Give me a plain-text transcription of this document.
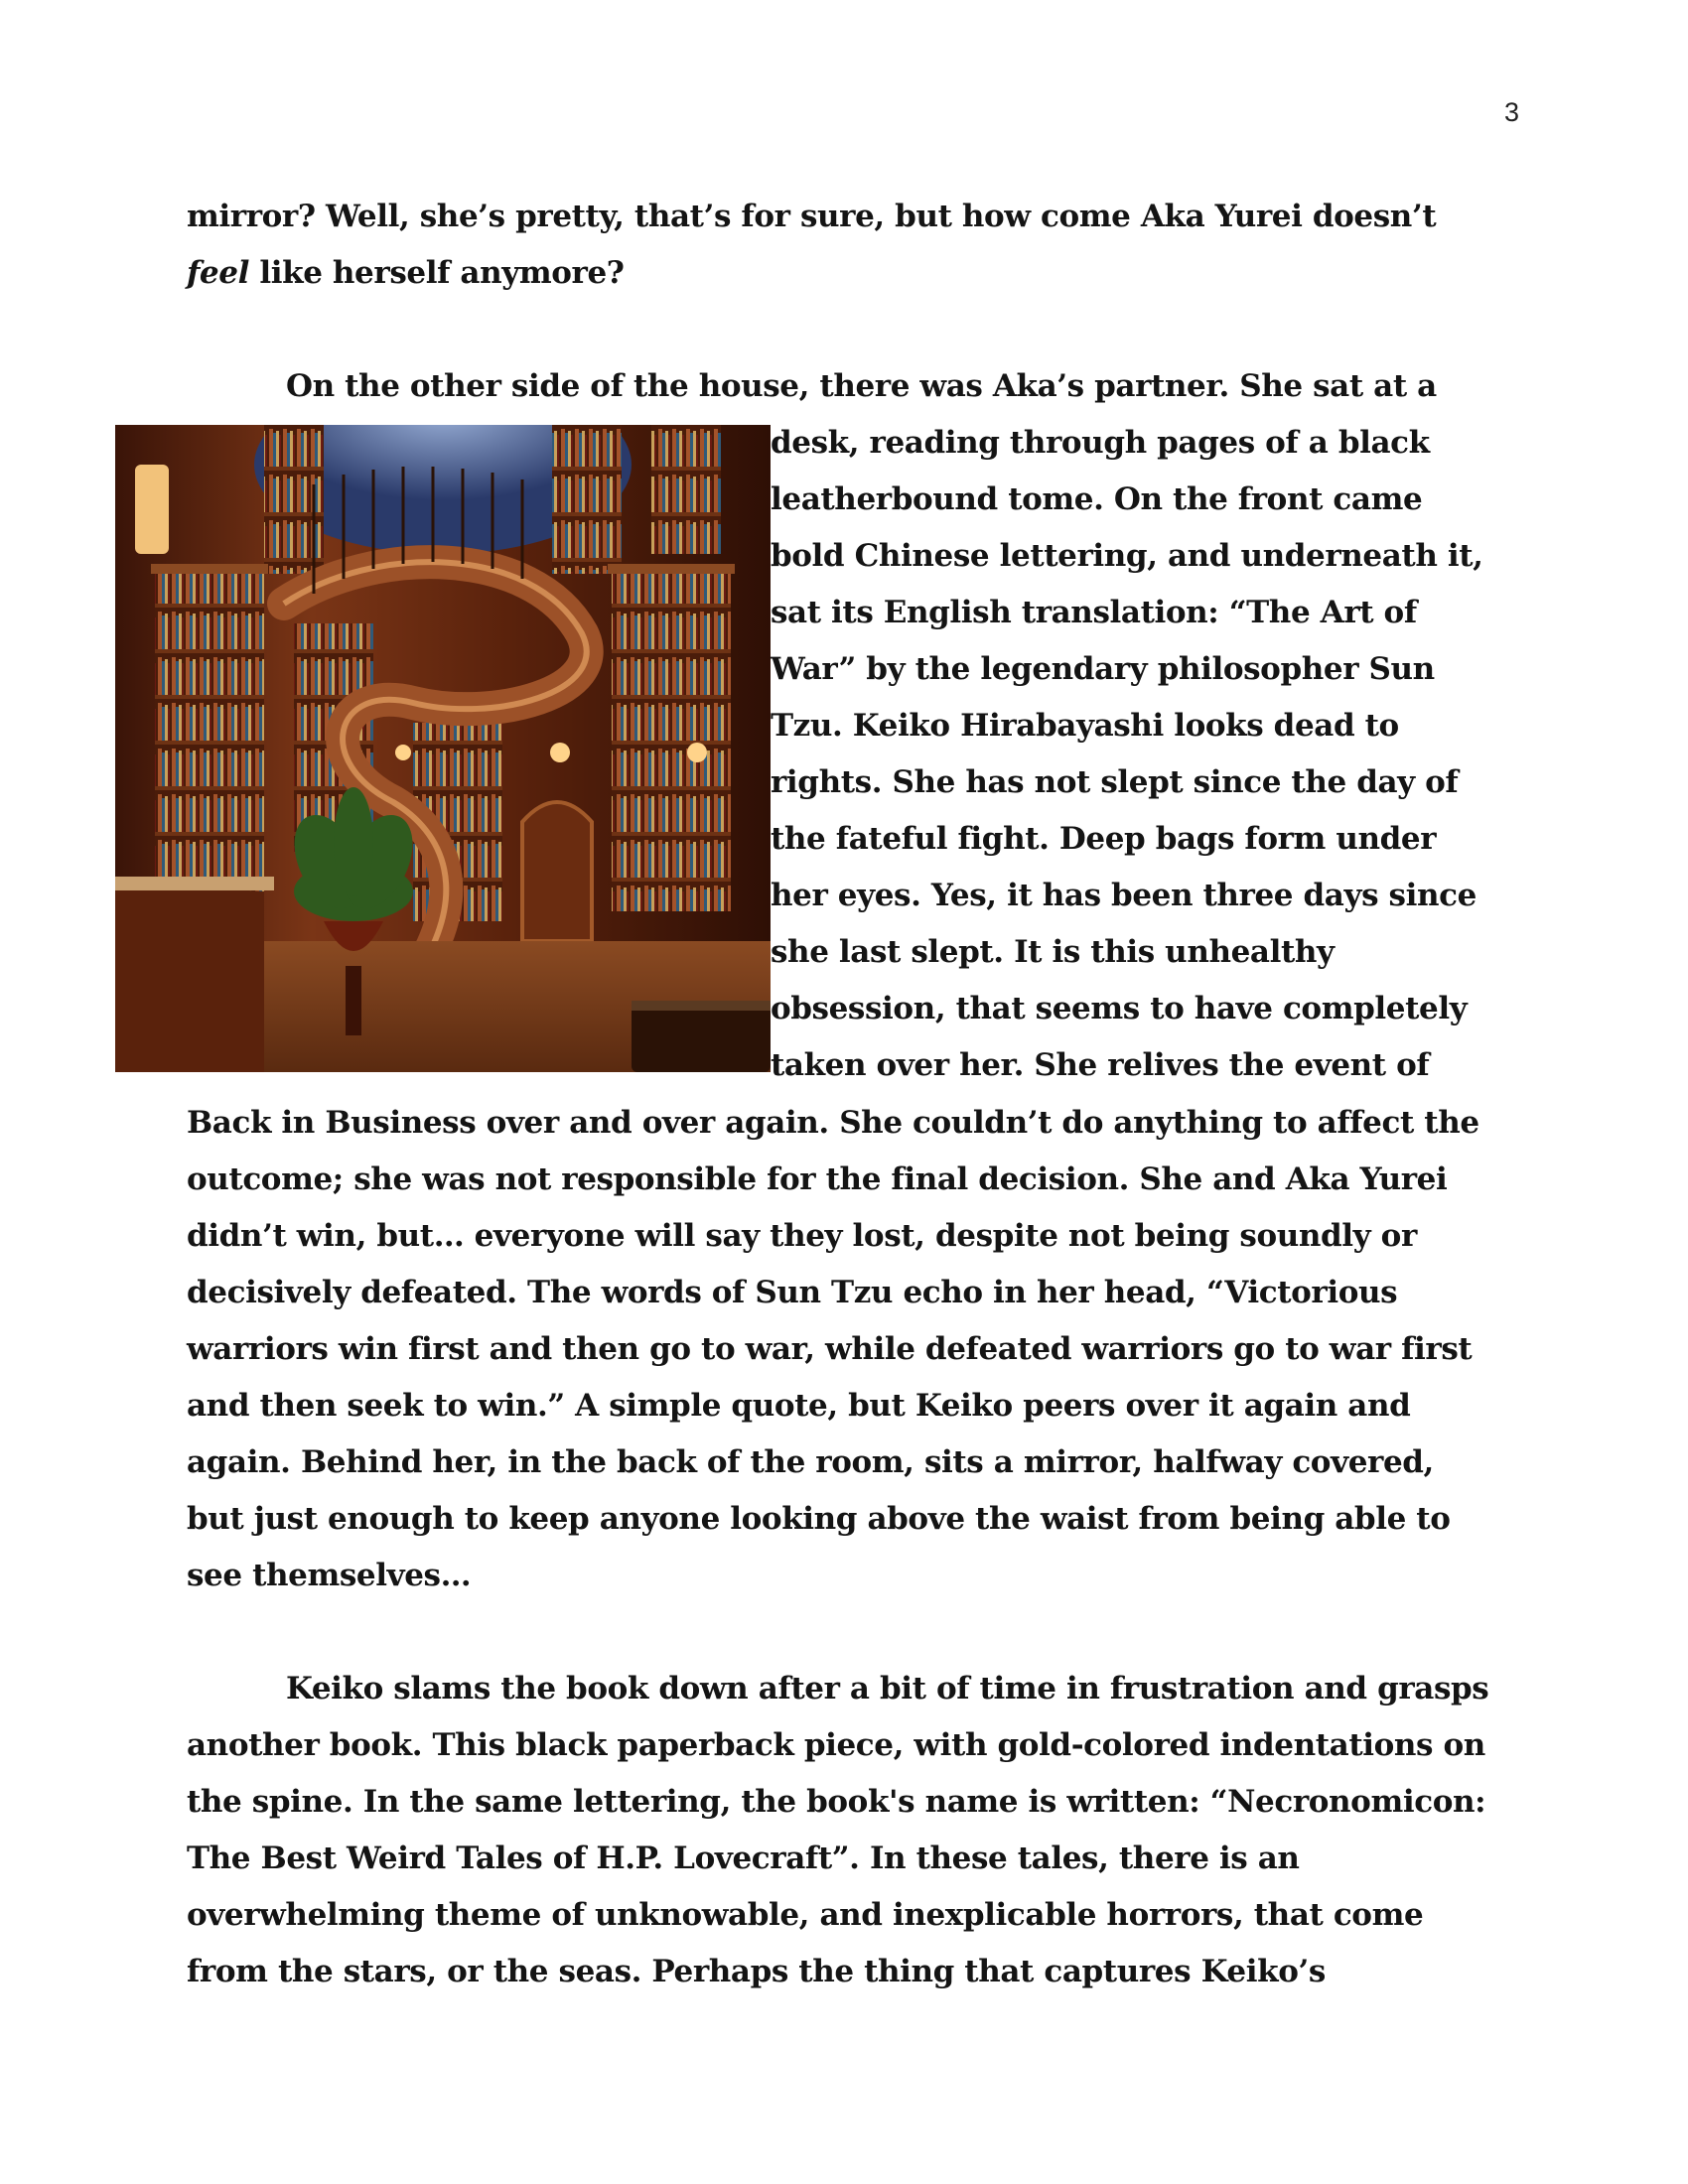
3
mirror? Well, she’s pretty, that’s for sure, but how come Aka Yurei doesn’t
feel like herself anymore?
On the other side of the house, there was Aka’s partner. She sat at a
desk, reading through pages of a black
leatherbound tome. On the front came
bold Chinese lettering, and underneath it,
sat its English translation: “The Art of
War” by the legendary philosopher Sun
Tzu. Keiko Hirabayashi looks dead to
rights. She has not slept since the day of
the fateful fight. Deep bags form under
her eyes. Yes, it has been three days since
she last slept. It is this unhealthy
obsession, that seems to have completely
taken over her. She relives the event of
Back in Business over and over again. She couldn’t do anything to affect the
outcome; she was not responsible for the final decision. She and Aka Yurei
didn’t win, but… everyone will say they lost, despite not being soundly or
decisively defeated. The words of Sun Tzu echo in her head, “Victorious
warriors win first and then go to war, while defeated warriors go to war first
and then seek to win.” A simple quote, but Keiko peers over it again and
again. Behind her, in the back of the room, sits a mirror, halfway covered,
but just enough to keep anyone looking above the waist from being able to
see themselves…
Keiko slams the book down after a bit of time in frustration and grasps
another book. This black paperback piece, with gold-colored indentations on
the spine. In the same lettering, the book's name is written: “Necronomicon:
The Best Weird Tales of H.P. Lovecraft”. In these tales, there is an
overwhelming theme of unknowable, and inexplicable horrors, that come
from the stars, or the seas. Perhaps the thing that captures Keiko’s
